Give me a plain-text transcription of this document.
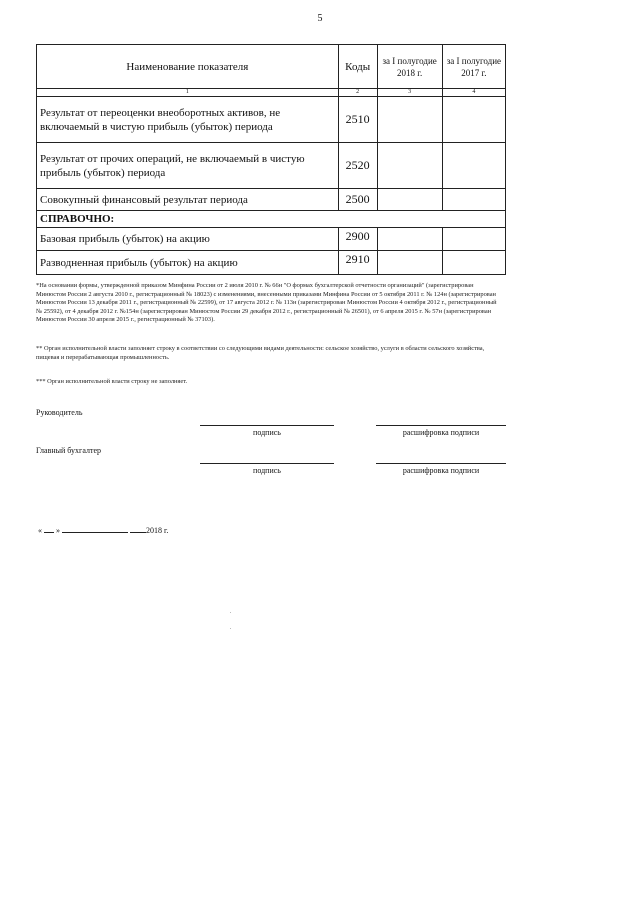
5
Наименование показателя	Коды	за I полугодие 2018 г.	за I полугодие 2017 г.
1	2	3	4
Результат от переоценки внеоборотных активов, не включаемый в чистую прибыль (убыток) периода	2510		
Результат от прочих операций, не включаемый в чистую прибыль (убыток) периода	2520		
Совокупный финансовый результат периода	2500		
СПРАВОЧНО:			
Базовая прибыль (убыток) на акцию	2900		
Разводненная прибыль (убыток) на акцию	2910		
*На основании формы, утвержденной приказом Минфина России от 2 июля 2010 г. № 66н "О формах бухгалтерской отчетности организаций" (зарегистрирован Минюстом России 2 августа 2010 г., регистрационный № 18023) с изменениями, внесенными приказами Минфина России от 5 октября 2011 г. № 124н (зарегистрирован Минюстом России 13 декабря 2011 г., регистрационный № 22599), от 17 августа 2012 г. № 113н (зарегистрирован Минюстом России 4 октября 2012 г., регистрационный № 25592), от 4 декабря 2012 г. №154н (зарегистрирован Минюстом России 29 декабря 2012 г., регистрационный № 26501), от 6 апреля 2015 г. № 57н (зарегистрирован Минюстом России 30 апреля 2015 г., регистрационный № 37103).
** Орган исполнительной власти заполняет строку в соответствии со следующими видами деятельности: сельское хозяйство, услуги в области сельского хозяйства, пищевая и перерабатывающая промышленность.
*** Орган исполнительной власти строку не заполняет.
Руководитель
подпись	расшифровка подписи
Главный бухгалтер
подпись	расшифровка подписи
« »	2018 г.
